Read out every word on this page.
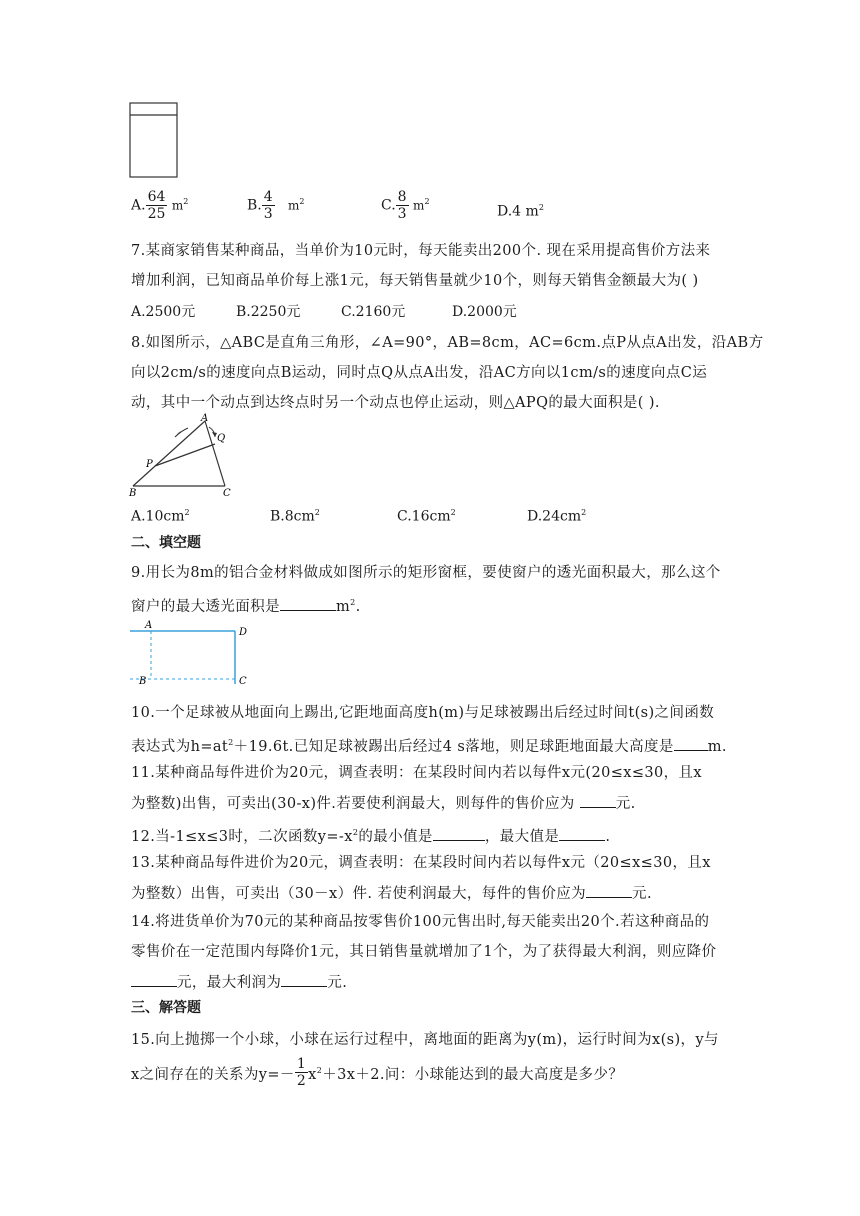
A. $\frac{64}{25} m^2$	B. $\frac{4}{3} m^2$	C. $\frac{8}{3} m^2$
D.4 $m^2$
7.某商家销售某种商品，当单价为10元时，每天能卖出200个. 现在采用提高售价方法来
增加利润，已知商品单价每上涨1元，每天销售量就少10个，则每天销售金额最大为( )
A.2500元	B.2250元	C.2160元	D.2000元
8.如图所示，△ABC是直角三角形，∠A=90°，AB=8cm，AC=6cm.点P从点A出发，沿AB方
向以2cm/s的速度向点B运动，同时点Q从点A出发，沿AC方向以1cm/s的速度向点C运
动，其中一个动点到达终点时另一个动点也停止运动，则△APQ的最大面积是( ).
A
Q
P
B	C
$A.10cm^2$	$B.8cm^2$	$C.16cm^2$	$D.24cm^2$
二、填空题
9.用长为8m的铝合金材料做成如图所示的矩形窗框，要使窗户的透光面积最大，那么这个
窗户的最大透光面积是	$m^2$.
A
D
B	C
10.一个足球被从地面向上踢出,它距地面高度h(m)与足球被踢出后经过时间t(s)之间函数
表达式为$h=at^2+19.6t$.已知足球被踢出后经过4 s落地，则足球距地面最大高度是 m.
11.某种商品每件进价为20元，调查表明：在某段时间内若以每件x元(20≤x≤30，且x
为整数)出售，可卖出(30-x)件.若要使利润最大，则每件的售价应为 元.
12.当-1≤x≤3时，二次函数$y=-x^2$的最小值是	，最大值是	.
13.某种商品每件进价为20元，调查表明：在某段时间内若以每件x元（20≤x≤30，且x
为整数）出售，可卖出（30－x）件. 若使利润最大，每件的售价应为	元.
14.将进货单价为70元的某种商品按零售价100元售出时,每天能卖出20个.若这种商品的
零售价在一定范围内每降价1元，其日销售量就增加了1个，为了获得最大利润，则应降价
元，最大利润为	元.
三、解答题
15.向上抛掷一个小球，小球在运行过程中，离地面的距离为y(m)，运行时间为x(s)，y与
x之间存在的关系为$y=- \frac{1}{2} x^2+3x+2$.问：小球能达到的最大高度是多少？
